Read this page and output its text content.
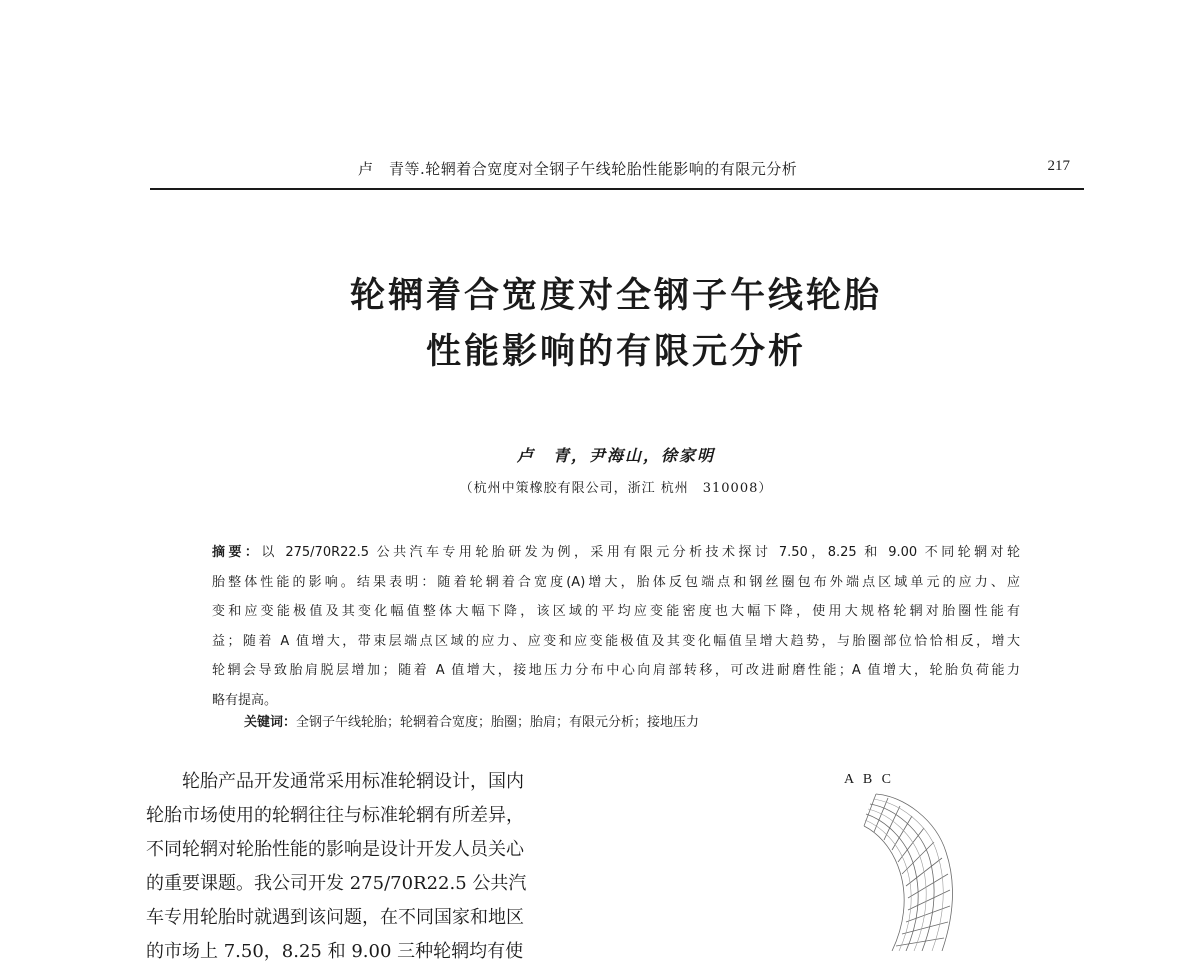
卢　青等.轮辋着合宽度对全钢子午线轮胎性能影响的有限元分析	217
轮辋着合宽度对全钢子午线轮胎
性能影响的有限元分析
卢　青，尹海山，徐家明
（杭州中策橡胶有限公司，浙江 杭州　310008）
摘要：以 275/70R22.5 公共汽车专用轮胎研发为例，采用有限元分析技术探讨 7.50，8.25 和 9.00 不同轮辋对轮
胎整体性能的影响。结果表明：随着轮辋着合宽度(A)增大，胎体反包端点和钢丝圈包布外端点区域单元的应力、应
变和应变能极值及其变化幅值整体大幅下降，该区域的平均应变能密度也大幅下降，使用大规格轮辋对胎圈性能有
益；随着 A 值增大，带束层端点区域的应力、应变和应变能极值及其变化幅值呈增大趋势，与胎圈部位恰恰相反，增大
轮辋会导致胎肩脱层增加；随着 A 值增大，接地压力分布中心向肩部转移，可改进耐磨性能；A 值增大，轮胎负荷能力
略有提高。
关键词：全钢子午线轮胎；轮辋着合宽度；胎圈；胎肩；有限元分析；接地压力
　　轮胎产品开发通常采用标准轮辋设计，国内
轮胎市场使用的轮辋往往与标准轮辋有所差异，
不同轮辋对轮胎性能的影响是设计开发人员关心
的重要课题。我公司开发 275/70R22.5 公共汽
车专用轮胎时就遇到该问题，在不同国家和地区
的市场上 7.50，8.25 和 9.00 三种轮辋均有使
A B C
